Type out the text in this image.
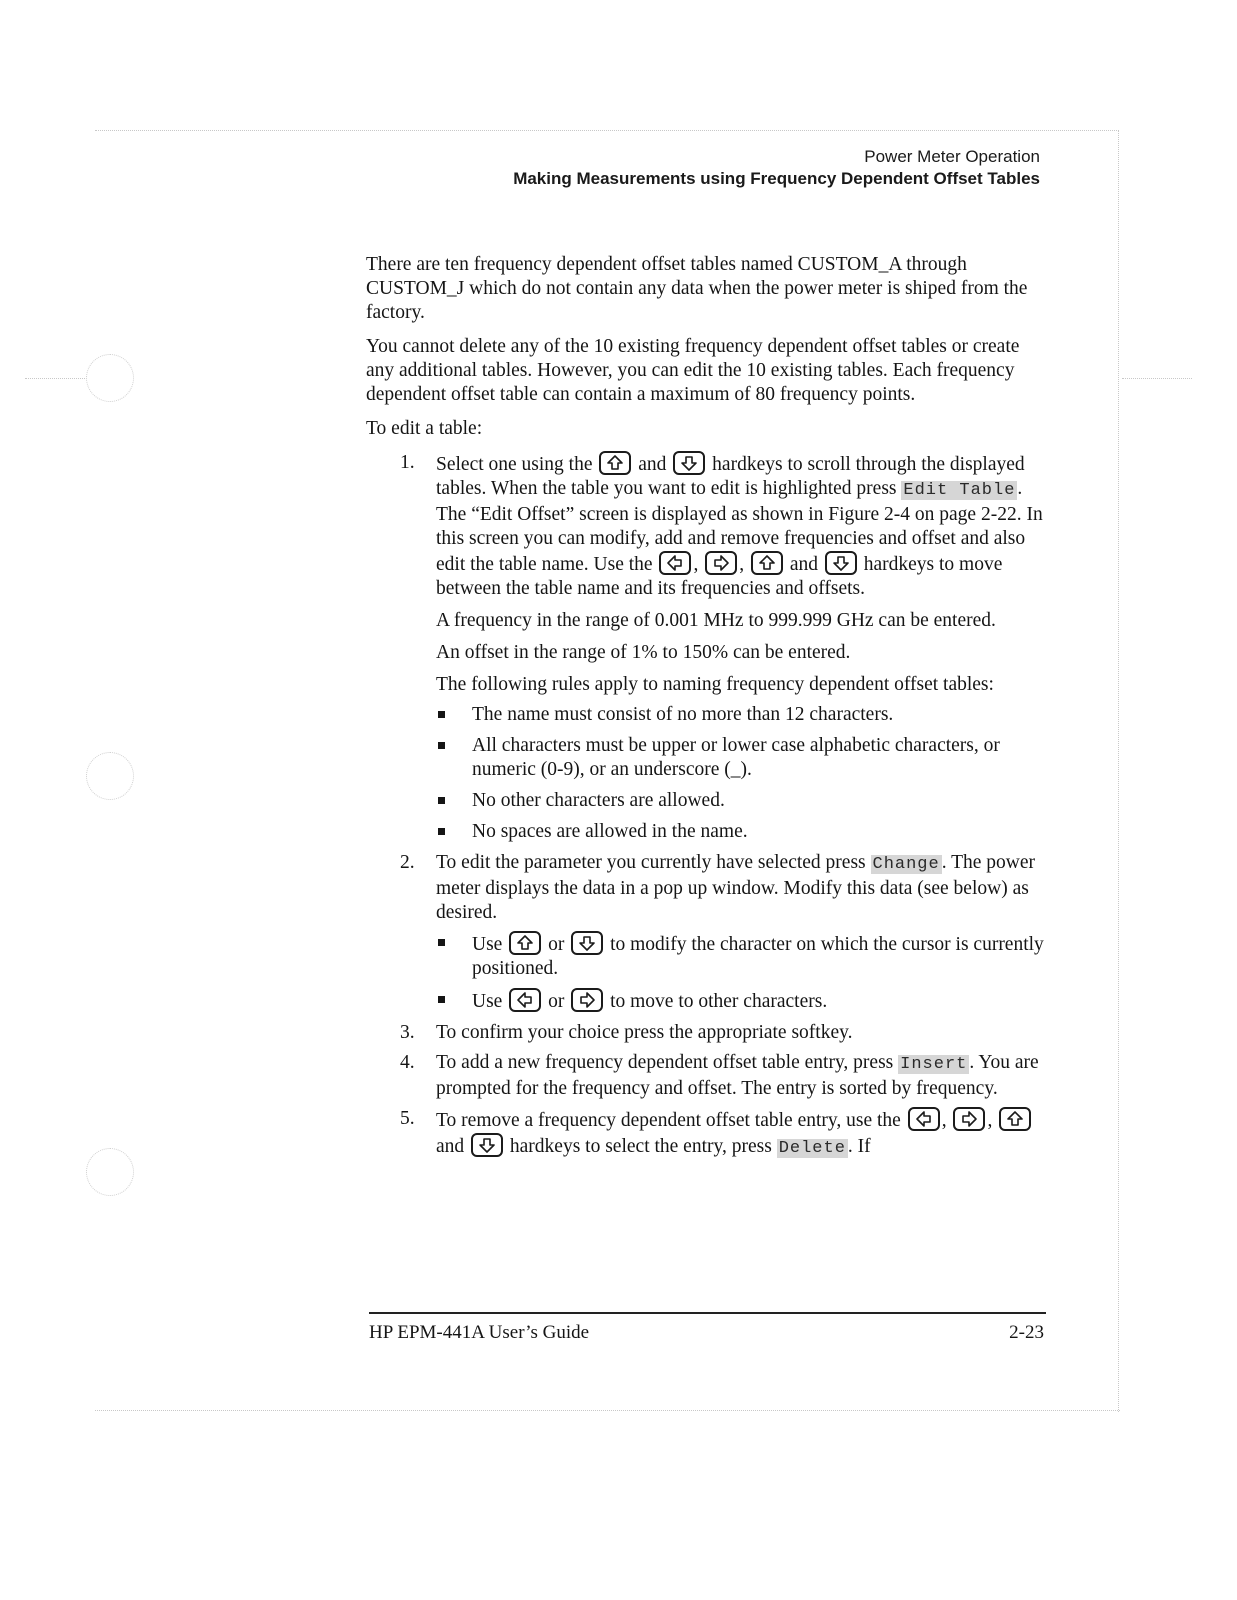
Power Meter Operation
Making Measurements using Frequency Dependent Offset Tables

There are ten frequency dependent offset tables named CUSTOM_A through CUSTOM_J which do not contain any data when the power meter is shiped from the factory.

You cannot delete any of the 10 existing frequency dependent offset tables or create any additional tables. However, you can edit the 10 existing tables. Each frequency dependent offset table can contain a maximum of 80 frequency points.

To edit a table:

1. Select one using the and hardkeys to scroll through the displayed tables. When the table you want to edit is highlighted press Edit Table . The “Edit Offset” screen is displayed as shown in Figure 2-4 on page 2-22. In this screen you can modify, add and remove frequencies and offset and also edit the table name. Use the , , and hardkeys to move between the table name and its frequencies and offsets.
A frequency in the range of 0.001 MHz to 999.999 GHz can be entered.
An offset in the range of 1% to 150% can be entered.
The following rules apply to naming frequency dependent offset tables:
The name must consist of no more than 12 characters.
All characters must be upper or lower case alphabetic characters, or numeric (0-9), or an underscore (_).
No other characters are allowed.
No spaces are allowed in the name.
2. To edit the parameter you currently have selected press Change . The power meter displays the data in a pop up window. Modify this data (see below) as desired.
Use or to modify the character on which the cursor is currently positioned.
Use or to move to other characters.
3. To confirm your choice press the appropriate softkey.
4. To add a new frequency dependent offset table entry, press Insert . You are prompted for the frequency and offset. The entry is sorted by frequency.
5. To remove a frequency dependent offset table entry, use the , ,
and hardkeys to select the entry, press Delete . If
HP EPM-441A User’s Guide	2-23
